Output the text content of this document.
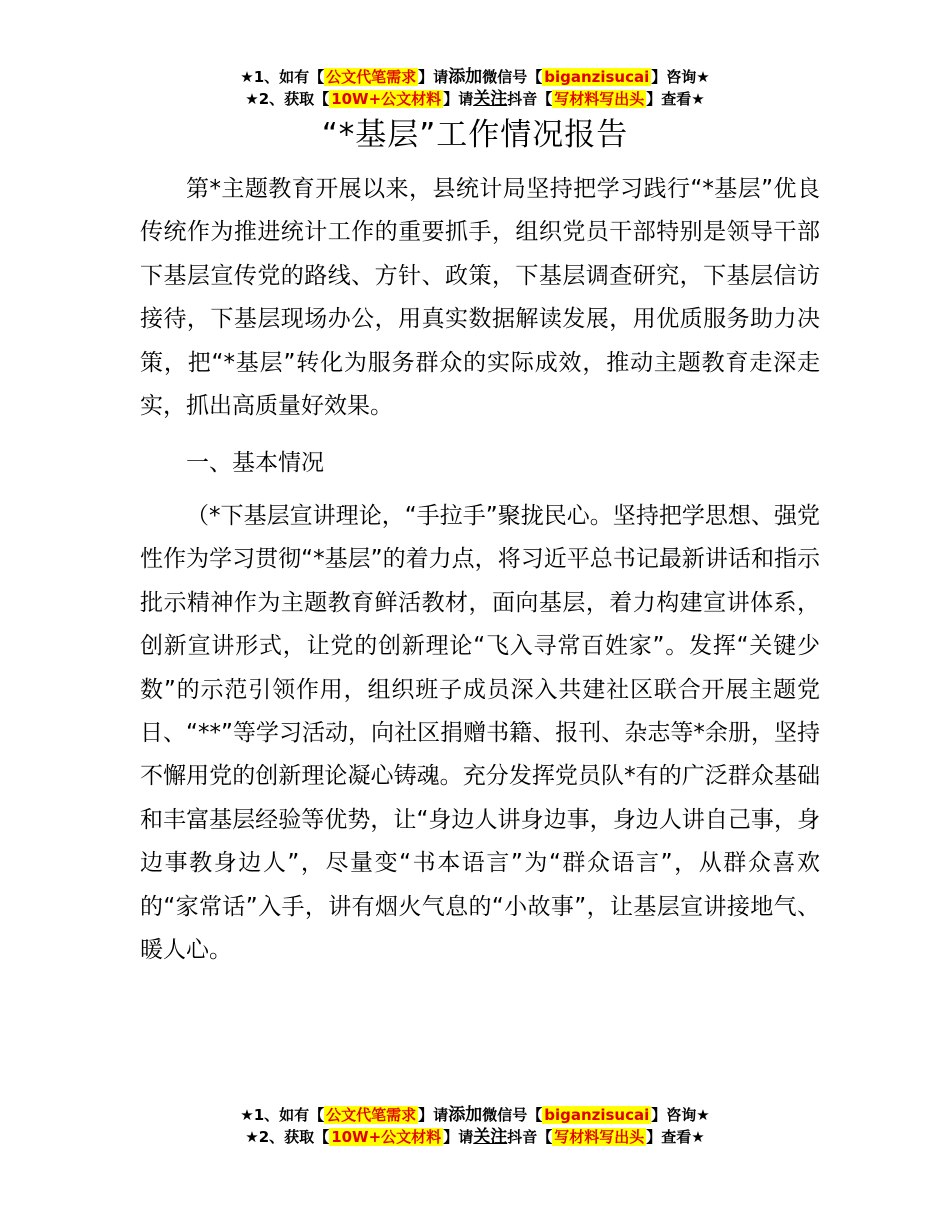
★1、如有【 公文代笔需求 】请添加微信号【 biganzisucai 】咨询★
★2、获取【 10W+公文材料 】请关注抖音【 写材料写出头 】查看★
“*基层”工作情况报告

第*主题教育开展以来，县统计局坚持把学习践行“*基层”优良传统作为推进统计工作的重要抓手，组织党员干部特别是领导干部下基层宣传党的路线、方针、政策，下基层调查研究，下基层信访接待，下基层现场办公，用真实数据解读发展，用优质服务助力决策，把“*基层”转化为服务群众的实际成效，推动主题教育走深走实，抓出高质量好效果。

一、基本情况

（*下基层宣讲理论，“手拉手”聚拢民心。坚持把学思想、强党性作为学习贯彻“*基层”的着力点，将习近平总书记最新讲话和指示批示精神作为主题教育鲜活教材，面向基层，着力构建宣讲体系，创新宣讲形式，让党的创新理论“飞入寻常百姓家”。发挥“关键少数”的示范引领作用，组织班子成员深入共建社区联合开展主题党日、“**”等学习活动，向社区捐赠书籍、报刊、杂志等*余册，坚持不懈用党的创新理论凝心铸魂。充分发挥党员队*有的广泛群众基础和丰富基层经验等优势，让“身边人讲身边事，身边人讲自己事，身边事教身边人”，尽量变“书本语言”为“群众语言”，从群众喜欢的“家常话”入手，讲有烟火气息的“小故事”，让基层宣讲接地气、暖人心。

★1、如有【 公文代笔需求 】请添加微信号【 biganzisucai 】咨询★
★2、获取【 10W+公文材料 】请关注抖音【 写材料写出头 】查看★
